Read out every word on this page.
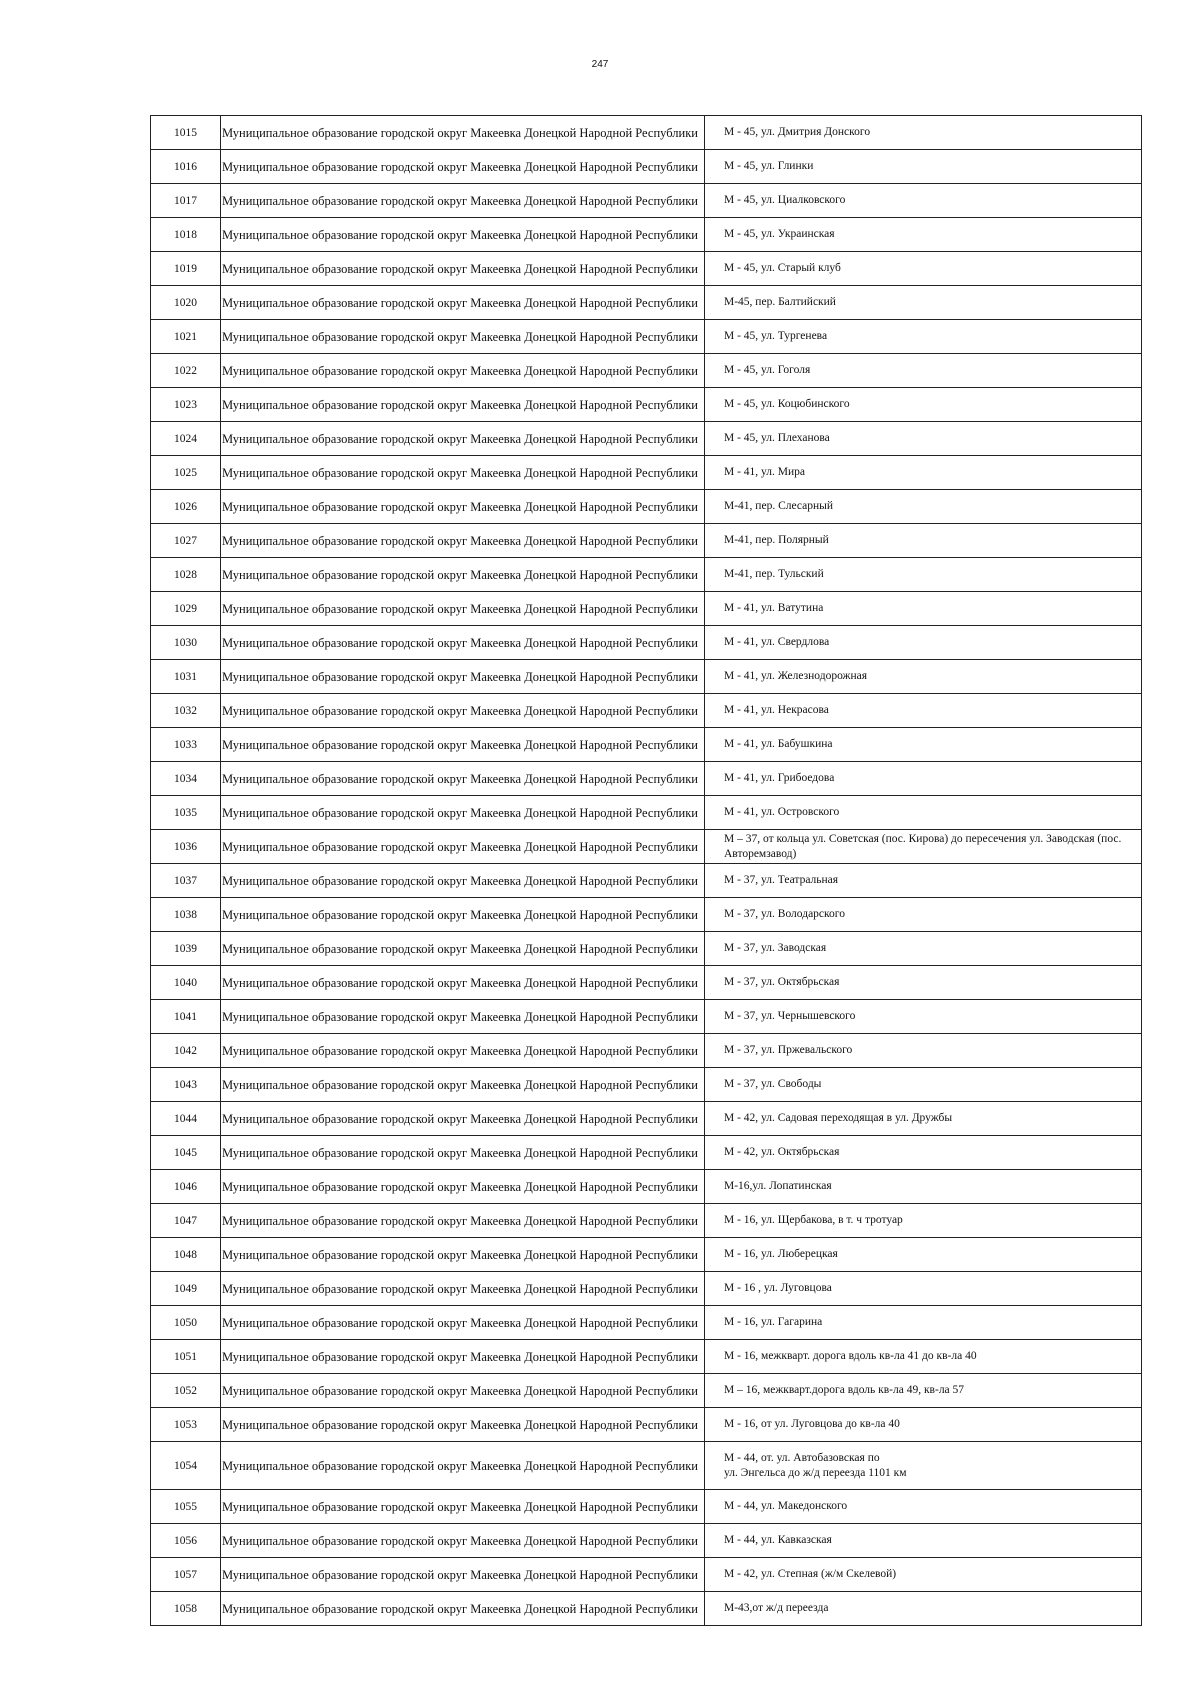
247
1015	Муниципальное образование городской округ Макеевка Донецкой Народной Республики	М - 45, ул. Дмитрия Донского
1016	Муниципальное образование городской округ Макеевка Донецкой Народной Республики	М - 45, ул. Глинки
1017	Муниципальное образование городской округ Макеевка Донецкой Народной Республики	М - 45, ул. Циалковского
1018	Муниципальное образование городской округ Макеевка Донецкой Народной Республики	М - 45, ул. Украинская
1019	Муниципальное образование городской округ Макеевка Донецкой Народной Республики	М - 45, ул. Старый клуб
1020	Муниципальное образование городской округ Макеевка Донецкой Народной Республики	М-45, пер. Балтийский
1021	Муниципальное образование городской округ Макеевка Донецкой Народной Республики	М - 45, ул. Тургенева
1022	Муниципальное образование городской округ Макеевка Донецкой Народной Республики	М - 45, ул. Гоголя
1023	Муниципальное образование городской округ Макеевка Донецкой Народной Республики	М - 45, ул. Коцюбинского
1024	Муниципальное образование городской округ Макеевка Донецкой Народной Республики	М - 45, ул. Плеханова
1025	Муниципальное образование городской округ Макеевка Донецкой Народной Республики	М - 41, ул. Мира
1026	Муниципальное образование городской округ Макеевка Донецкой Народной Республики	М-41, пер. Слесарный
1027	Муниципальное образование городской округ Макеевка Донецкой Народной Республики	М-41, пер. Полярный
1028	Муниципальное образование городской округ Макеевка Донецкой Народной Республики	М-41, пер. Тульский
1029	Муниципальное образование городской округ Макеевка Донецкой Народной Республики	М - 41, ул. Ватутина
1030	Муниципальное образование городской округ Макеевка Донецкой Народной Республики	М - 41, ул. Свердлова
1031	Муниципальное образование городской округ Макеевка Донецкой Народной Республики	М - 41, ул. Железнодорожная
1032	Муниципальное образование городской округ Макеевка Донецкой Народной Республики	М - 41, ул. Некрасова
1033	Муниципальное образование городской округ Макеевка Донецкой Народной Республики	М - 41, ул. Бабушкина
1034	Муниципальное образование городской округ Макеевка Донецкой Народной Республики	М - 41, ул. Грибоедова
1035	Муниципальное образование городской округ Макеевка Донецкой Народной Республики	М - 41, ул. Островского
1036	Муниципальное образование городской округ Макеевка Донецкой Народной Республики	М – 37, от кольца ул. Советская (пос. Кирова) до пересечения ул. Заводская (пос. Авторемзавод)
1037	Муниципальное образование городской округ Макеевка Донецкой Народной Республики	М - 37, ул. Театральная
1038	Муниципальное образование городской округ Макеевка Донецкой Народной Республики	М - 37, ул. Володарского
1039	Муниципальное образование городской округ Макеевка Донецкой Народной Республики	М - 37, ул. Заводская
1040	Муниципальное образование городской округ Макеевка Донецкой Народной Республики	М - 37, ул. Октябрьская
1041	Муниципальное образование городской округ Макеевка Донецкой Народной Республики	М - 37, ул. Чернышевского
1042	Муниципальное образование городской округ Макеевка Донецкой Народной Республики	М - 37, ул. Пржевальского
1043	Муниципальное образование городской округ Макеевка Донецкой Народной Республики	М - 37, ул. Свободы
1044	Муниципальное образование городской округ Макеевка Донецкой Народной Республики	М - 42, ул. Садовая переходящая в ул. Дружбы
1045	Муниципальное образование городской округ Макеевка Донецкой Народной Республики	М - 42, ул. Октябрьская
1046	Муниципальное образование городской округ Макеевка Донецкой Народной Республики	М-16,ул. Лопатинская
1047	Муниципальное образование городской округ Макеевка Донецкой Народной Республики	М - 16, ул. Щербакова, в т. ч тротуар
1048	Муниципальное образование городской округ Макеевка Донецкой Народной Республики	М - 16, ул. Люберецкая
1049	Муниципальное образование городской округ Макеевка Донецкой Народной Республики	М - 16 , ул. Луговцова
1050	Муниципальное образование городской округ Макеевка Донецкой Народной Республики	М - 16, ул. Гагарина
1051	Муниципальное образование городской округ Макеевка Донецкой Народной Республики	М - 16, межкварт. дорога вдоль кв-ла 41 до кв-ла 40
1052	Муниципальное образование городской округ Макеевка Донецкой Народной Республики	М – 16, межкварт.дорога вдоль кв-ла 49, кв-ла 57
1053	Муниципальное образование городской округ Макеевка Донецкой Народной Республики	М - 16, от ул. Луговцова до кв-ла 40
1054	Муниципальное образование городской округ Макеевка Донецкой Народной Республики	М - 44, от. ул. Автобазовская по
ул. Энгельса до ж/д переезда 1101 км
1055	Муниципальное образование городской округ Макеевка Донецкой Народной Республики	М - 44, ул. Македонского
1056	Муниципальное образование городской округ Макеевка Донецкой Народной Республики	М - 44, ул. Кавказская
1057	Муниципальное образование городской округ Макеевка Донецкой Народной Республики	М - 42, ул. Степная (ж/м Скелевой)
1058	Муниципальное образование городской округ Макеевка Донецкой Народной Республики	М-43,от ж/д переезда
